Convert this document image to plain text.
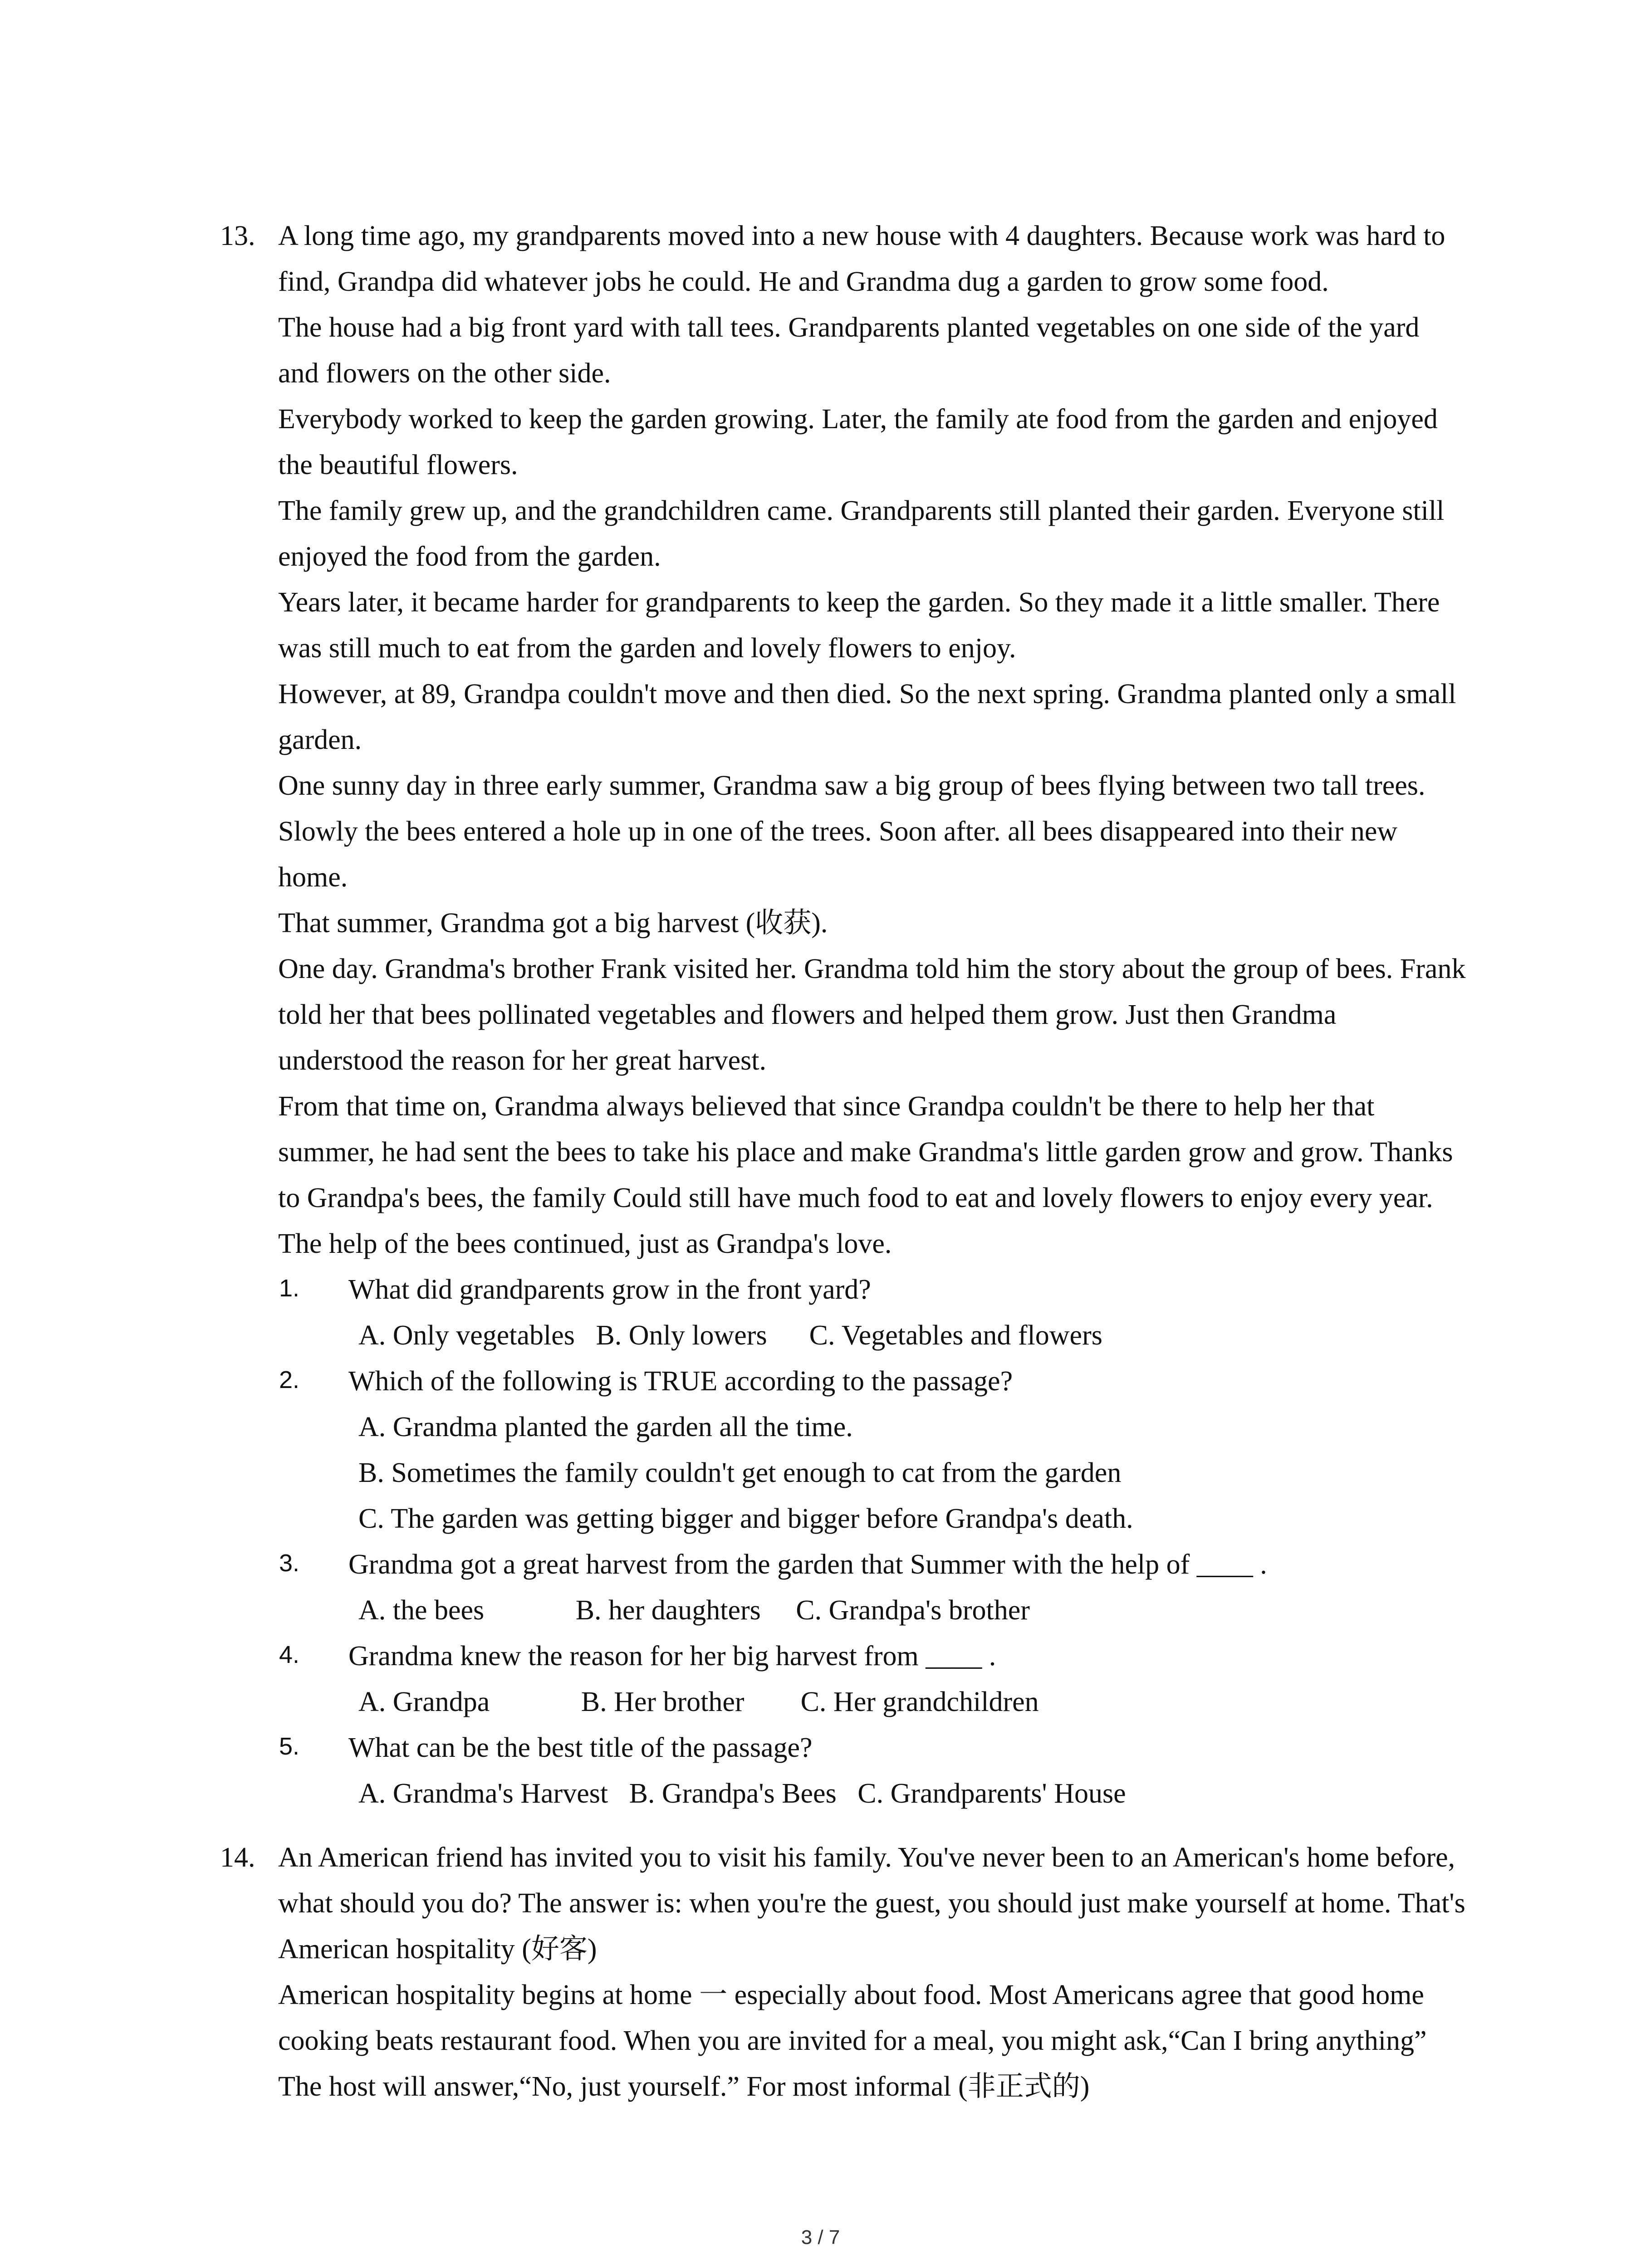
13. A long time ago, my grandparents moved into a new house with 4 daughters. Because work was hard to find, Grandpa did whatever jobs he could. He and Grandma dug a garden to grow some food.

The house had a big front yard with tall tees. Grandparents planted vegetables on one side of the yard and flowers on the other side.

Everybody worked to keep the garden growing. Later, the family ate food from the garden and enjoyed the beautiful flowers.

The family grew up, and the grandchildren came. Grandparents still planted their garden. Everyone still enjoyed the food from the garden.

Years later, it became harder for grandparents to keep the garden. So they made it a little smaller. There was still much to eat from the garden and lovely flowers to enjoy.

However, at 89, Grandpa couldn't move and then died. So the next spring. Grandma planted only a small garden.

One sunny day in three early summer, Grandma saw a big group of bees flying between two tall trees. Slowly the bees entered a hole up in one of the trees. Soon after. all bees disappeared into their new home.

That summer, Grandma got a big harvest (收获).

One day. Grandma's brother Frank visited her. Grandma told him the story about the group of bees. Frank told her that bees pollinated vegetables and flowers and helped them grow. Just then Grandma understood the reason for her great harvest.

From that time on, Grandma always believed that since Grandpa couldn't be there to help her that summer, he had sent the bees to take his place and make Grandma's little garden grow and grow. Thanks to Grandpa's bees, the family Could still have much food to eat and lovely flowers to enjoy every year. The help of the bees continued, just as Grandpa's love.

1. What did grandparents grow in the front yard?

A. Only vegetables B. Only lowers C. Vegetables and flowers

2. Which of the following is TRUE according to the passage?

A. Grandma planted the garden all the time.

B. Sometimes the family couldn't get enough to cat from the garden

C. The garden was getting bigger and bigger before Grandpa's death.

3. Grandma got a great harvest from the garden that Summer with the help of ____ .

A. the bees	B. her daughters C. Grandpa's brother

4. Grandma knew the reason for her big harvest from ____ .

A. Grandpa	B. Her brother C. Her grandchildren

5. What can be the best title of the passage?

A. Grandma's Harvest B. Grandpa's Bees C. Grandparents' House

14. An American friend has invited you to visit his family. You've never been to an American's home before, what should you do? The answer is: when you're the guest, you should just make yourself at home. That's American hospitality (好客)

American hospitality begins at home 一 especially about food. Most Americans agree that good home cooking beats restaurant food. When you are invited for a meal, you might ask,“Can I bring anything” The host will answer,“No, just yourself.” For most informal (非正式的)

3 / 7
